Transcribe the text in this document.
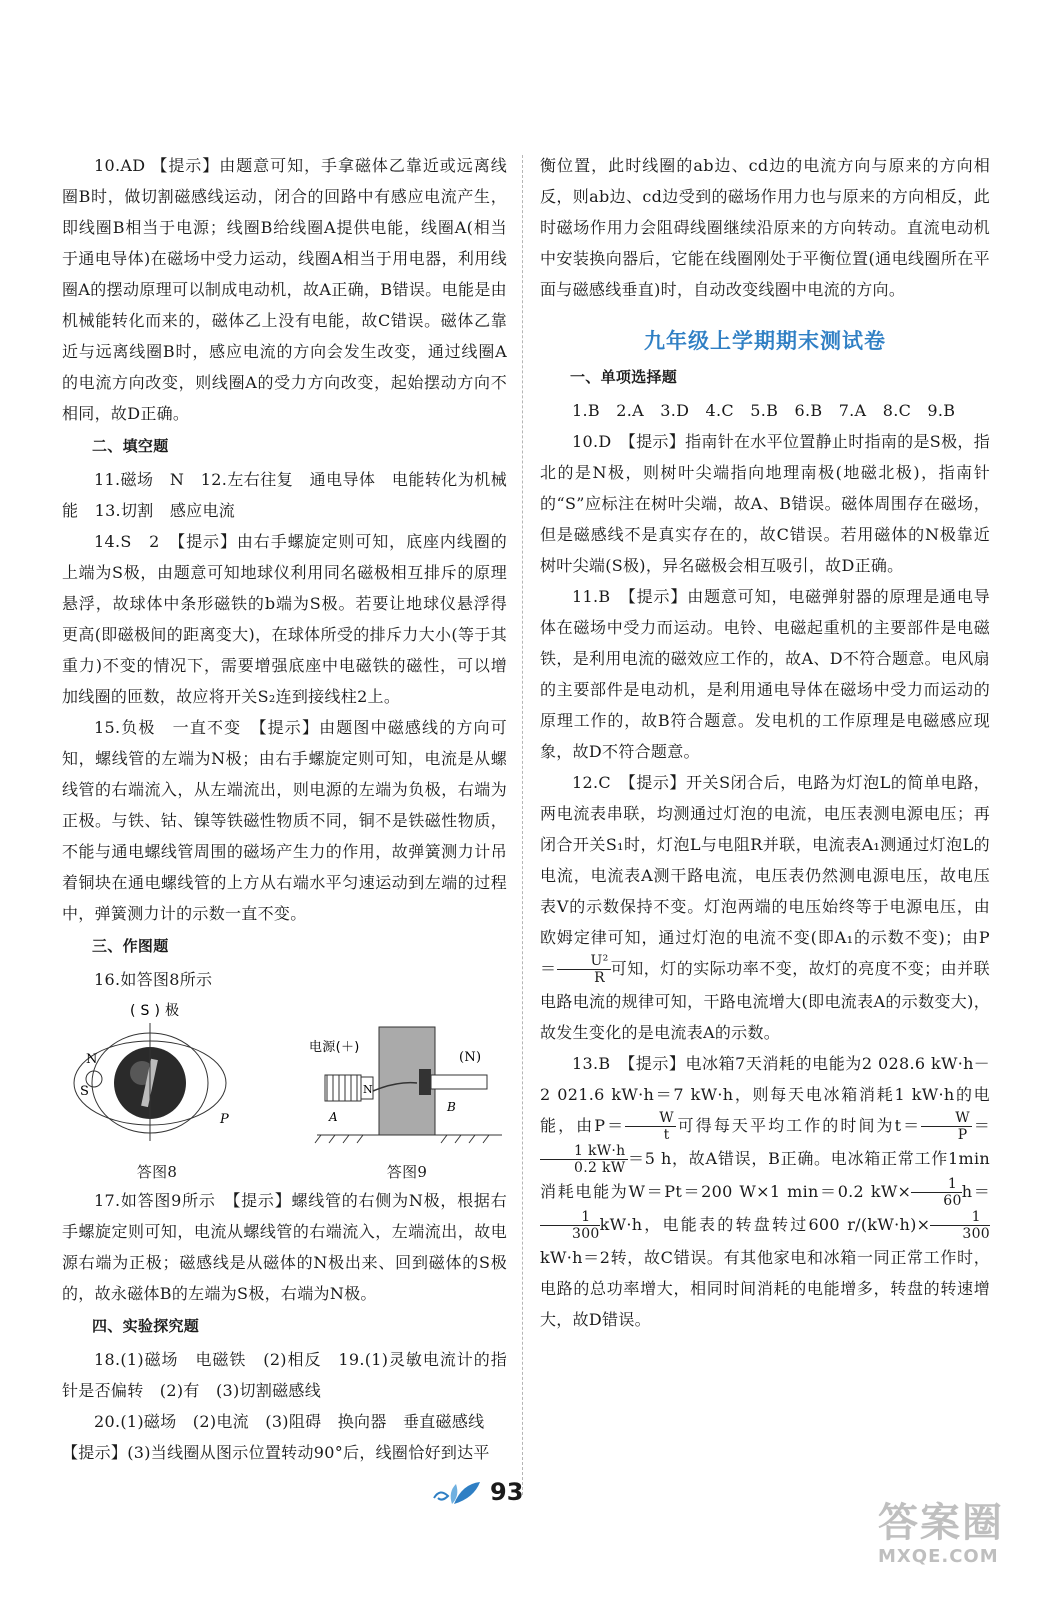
10.AD 【提示】由题意可知，手拿磁体乙靠近或远离线圈B时，做切割磁感线运动，闭合的回路中有感应电流产生，即线圈B相当于电源；线圈B给线圈A提供电能，线圈A(相当于通电导体)在磁场中受力运动，线圈A相当于用电器，利用线圈A的摆动原理可以制成电动机，故A正确，B错误。电能是由机械能转化而来的，磁体乙上没有电能，故C错误。磁体乙靠近与远离线圈B时，感应电流的方向会发生改变，通过线圈A的电流方向改变，则线圈A的受力方向改变，起始摆动方向不相同，故D正确。

二、填空题

11.磁场　N　12.左右往复　通电导体　电能转化为机械能　13.切割　感应电流

14.S　2　【提示】由右手螺旋定则可知，底座内线圈的上端为S极，由题意可知地球仪利用同名磁极相互排斥的原理悬浮，故球体中条形磁铁的b端为S极。若要让地球仪悬浮得更高(即磁极间的距离变大)，在球体所受的排斥力大小(等于其重力)不变的情况下，需要增强底座中电磁铁的磁性，可以增加线圈的匝数，故应将开关S₂连到接线柱2上。

15.负极　一直不变　【提示】由题图中磁感线的方向可知，螺线管的左端为N极；由右手螺旋定则可知，电流是从螺线管的右端流入，从左端流出，则电源的左端为负极，右端为正极。与铁、钴、镍等铁磁性物质不同，铜不是铁磁性物质，不能与通电螺线管周围的磁场产生力的作用，故弹簧测力计吊着铜块在通电螺线管的上方从右端水平匀速运动到左端的过程中，弹簧测力计的示数一直不变。

三、作图题

16.如答图8所示

( S ) 极
N
S
P
答图8
电源(＋)
(N)
N
A
B
答图9

17.如答图9所示　【提示】螺线管的右侧为N极，根据右手螺旋定则可知，电流从螺线管的右端流入，左端流出，故电源右端为正极；磁感线是从磁体的N极出来、回到磁体的S极的，故永磁体B的左端为S极，右端为N极。

四、实验探究题

18.(1)磁场　电磁铁　(2)相反　19.(1)灵敏电流计的指针是否偏转　(2)有　(3)切割磁感线

20.(1)磁场　(2)电流　(3)阻碍　换向器　垂直磁感线

【提示】(3)当线圈从图示位置转动90°后，线圈恰好到达平

衡位置，此时线圈的ab边、cd边的电流方向与原来的方向相反，则ab边、cd边受到的磁场作用力也与原来的方向相反，此时磁场作用力会阻碍线圈继续沿原来的方向转动。直流电动机中安装换向器后，它能在线圈刚处于平衡位置(通电线圈所在平面与磁感线垂直)时，自动改变线圈中电流的方向。

九年级上学期期末测试卷

一、单项选择题

1.B　2.A　3.D　4.C　5.B　6.B　7.A　8.C　9.B

10.D　【提示】指南针在水平位置静止时指南的是S极，指北的是N极，则树叶尖端指向地理南极(地磁北极)，指南针的“S”应标注在树叶尖端，故A、B错误。磁体周围存在磁场，但是磁感线不是真实存在的，故C错误。若用磁体的N极靠近树叶尖端(S极)，异名磁极会相互吸引，故D正确。

11.B　【提示】由题意可知，电磁弹射器的原理是通电导体在磁场中受力而运动。电铃、电磁起重机的主要部件是电磁铁，是利用电流的磁效应工作的，故A、D不符合题意。电风扇的主要部件是电动机，是利用通电导体在磁场中受力而运动的原理工作的，故B符合题意。发电机的工作原理是电磁感应现象，故D不符合题意。

12.C　【提示】开关S闭合后，电路为灯泡L的简单电路，两电流表串联，均测通过灯泡的电流，电压表测电源电压；再闭合开关S₁时，灯泡L与电阻R并联，电流表A₁测通过灯泡L的电流，电流表A测干路电流，电压表仍然测电源电压，故电压表V的示数保持不变。灯泡两端的电压始终等于电源电压，由欧姆定律可知，通过灯泡的电流不变(即A₁的示数不变)；由$P= \frac{\text{U²}}{R}$ 可知，灯的实际功率不变，故灯的亮度不变；由并联电路电流的规律可知，干路电流增大(即电流表A的示数变大)，故发生变化的是电流表A的示数。

13.B　【提示】电冰箱7天消耗的电能为2 028.6 kW·h－2 021.6 kW·h＝7 kW·h，则每天电冰箱消耗1 kW·h的电能，由$P= \frac{W}{t}$ 可得每天平均工作的时间为$t= \frac{W}{P}$ ＝
$\frac{1 kW\cdot h}{0.2 kW} =5$ h，故A错误，B正确。电冰箱正常工作1min消耗电能为W＝Pt＝200 W×1 min＝0.2 $kW\times \frac{1}{60} h=$
$\frac{1}{300} kW\cdot h$，电能表的转盘转过600 $r/(kW\cdot h)\times \frac{1}{300}$
kW·h＝2转，故C错误。有其他家电和冰箱一同正常工作时，电路的总功率增大，相同时间消耗的电能增多，转盘的转速增大，故D错误。

93
答案圈
MXQE.COM
